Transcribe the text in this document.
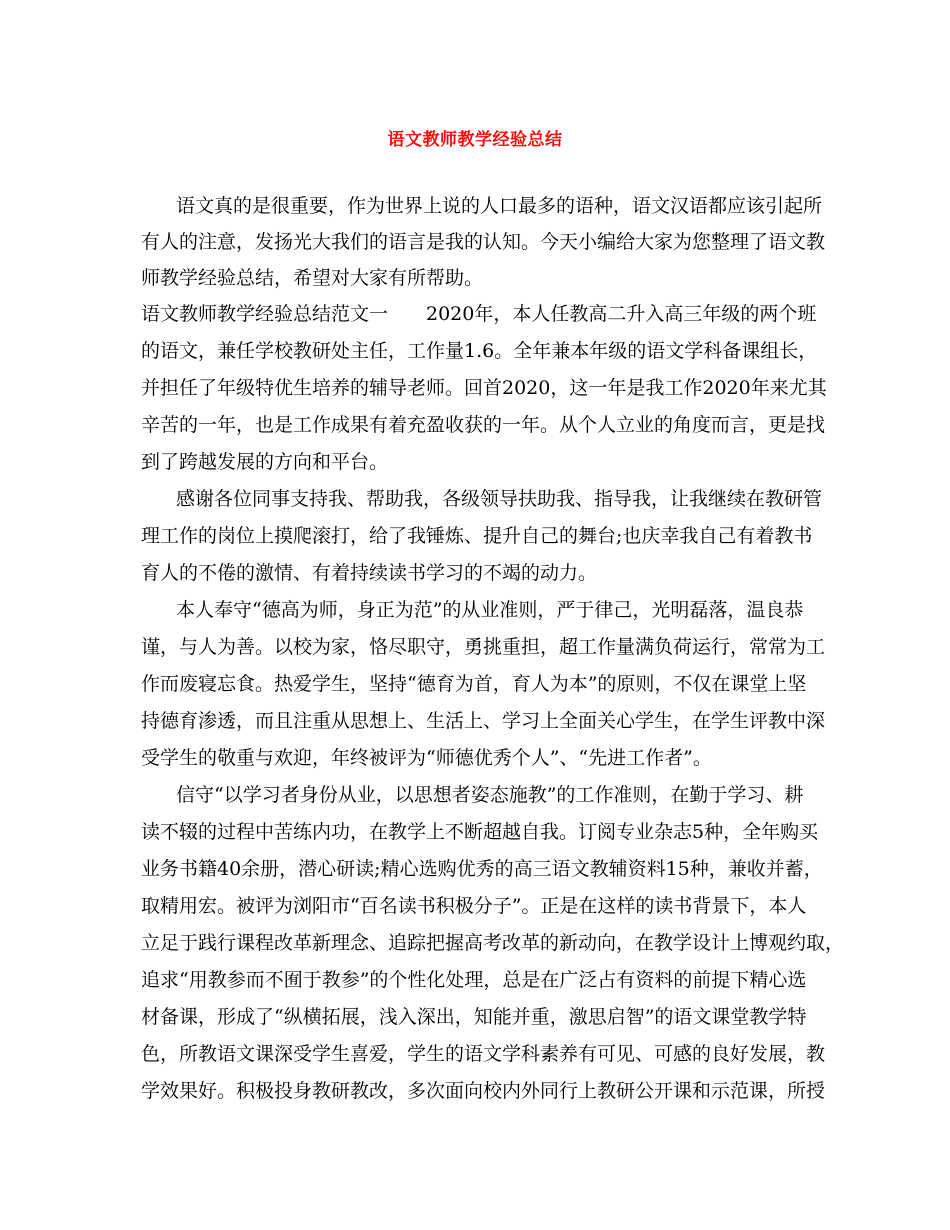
语文教师教学经验总结

语文真的是很重要，作为世界上说的人口最多的语种，语文汉语都应该引起所

有人的注意，发扬光大我们的语言是我的认知。今天小编给大家为您整理了语文教

师教学经验总结，希望对大家有所帮助。

语文教师教学经验总结范文一　　2020年，本人任教高二升入高三年级的两个班

的语文，兼任学校教研处主任，工作量1.6。全年兼本年级的语文学科备课组长，

并担任了年级特优生培养的辅导老师。回首2020，这一年是我工作2020年来尤其

辛苦的一年，也是工作成果有着充盈收获的一年。从个人立业的角度而言，更是找

到了跨越发展的方向和平台。

感谢各位同事支持我、帮助我，各级领导扶助我、指导我，让我继续在教研管

理工作的岗位上摸爬滚打，给了我锤炼、提升自己的舞台;也庆幸我自己有着教书

育人的不倦的激情、有着持续读书学习的不竭的动力。

本人奉守“德高为师，身正为范”的从业准则，严于律己，光明磊落，温良恭

谨，与人为善。以校为家，恪尽职守，勇挑重担，超工作量满负荷运行，常常为工

作而废寝忘食。热爱学生，坚持“德育为首，育人为本”的原则，不仅在课堂上坚

持德育渗透，而且注重从思想上、生活上、学习上全面关心学生，在学生评教中深

受学生的敬重与欢迎，年终被评为“师德优秀个人”、“先进工作者”。

信守“以学习者身份从业，以思想者姿态施教”的工作准则，在勤于学习、耕

读不辍的过程中苦练内功，在教学上不断超越自我。订阅专业杂志5种，全年购买

业务书籍40余册，潜心研读;精心选购优秀的高三语文教辅资料15种，兼收并蓄，

取精用宏。被评为浏阳市“百名读书积极分子”。正是在这样的读书背景下，本人

立足于践行课程改革新理念、追踪把握高考改革的新动向，在教学设计上博观约取，

追求“用教参而不囿于教参”的个性化处理，总是在广泛占有资料的前提下精心选

材备课，形成了“纵横拓展，浅入深出，知能并重，激思启智”的语文课堂教学特

色，所教语文课深受学生喜爱，学生的语文学科素养有可见、可感的良好发展，教

学效果好。积极投身教研教改，多次面向校内外同行上教研公开课和示范课，所授
